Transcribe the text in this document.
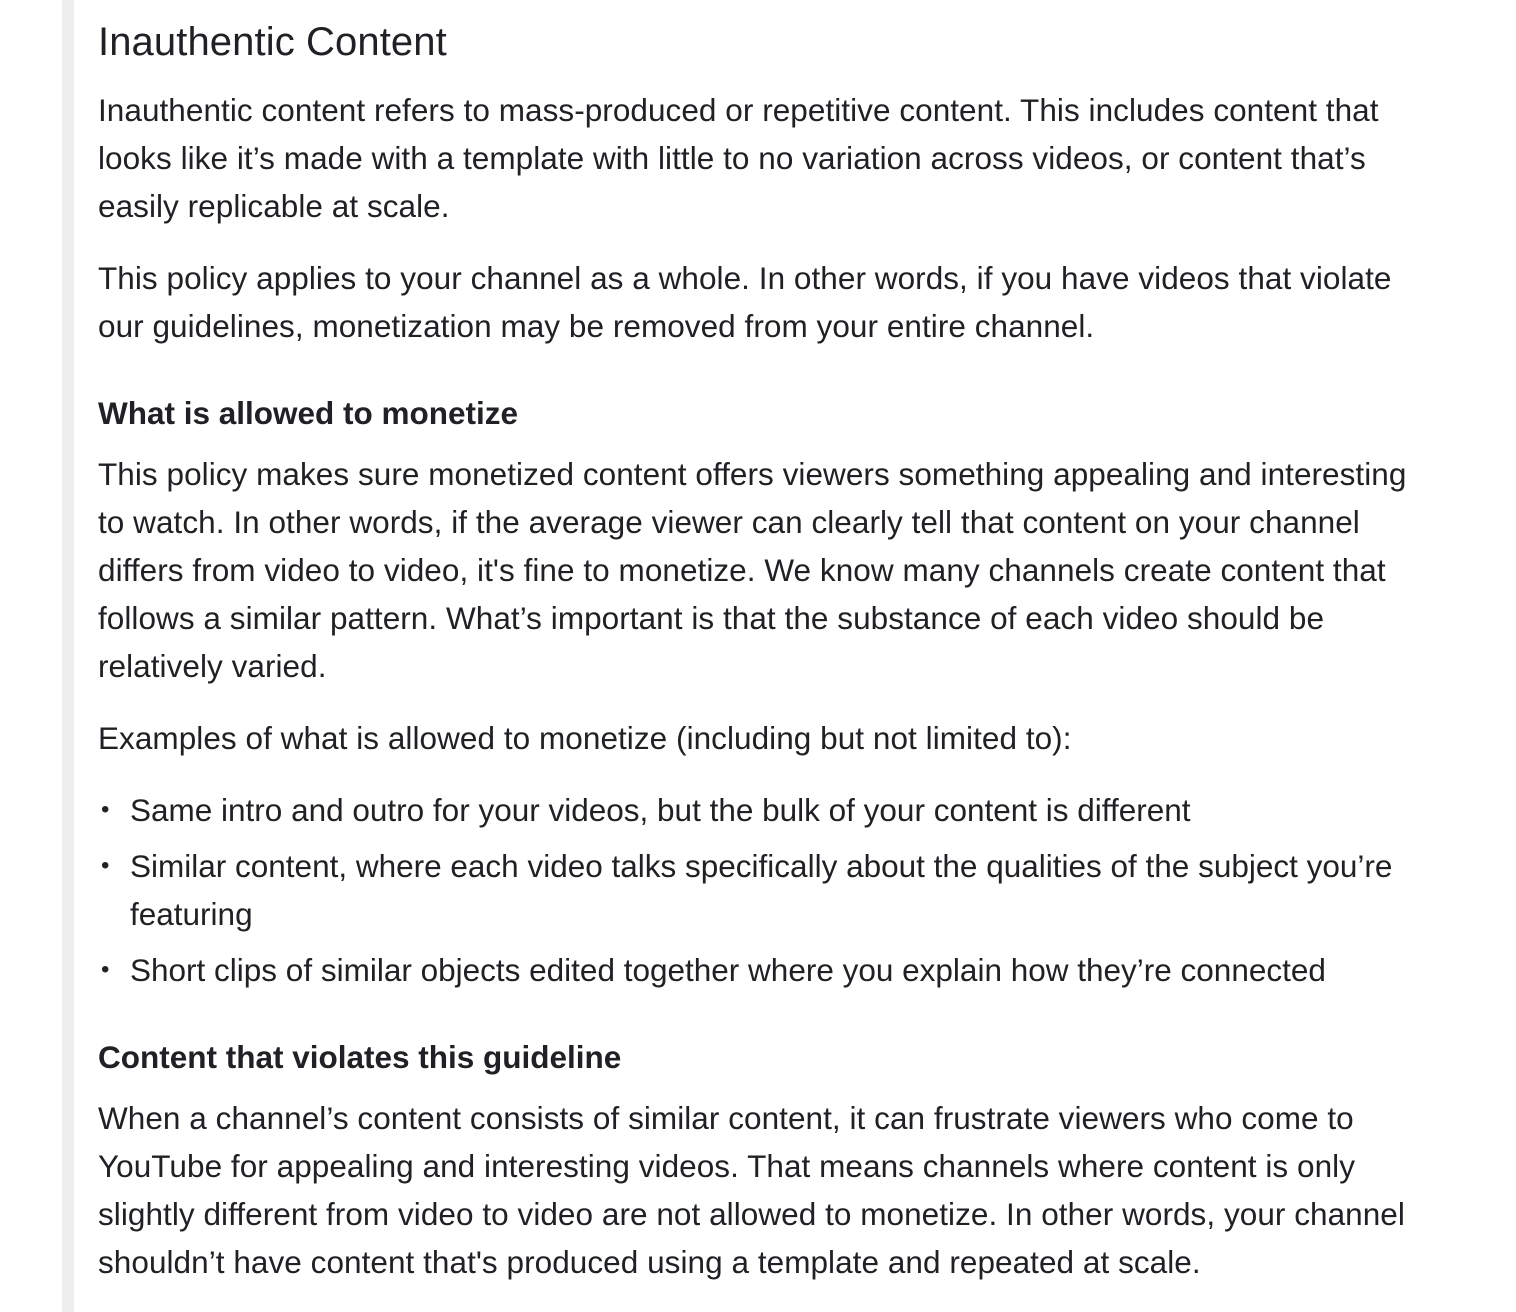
Inauthentic Content

Inauthentic content refers to mass-produced or repetitive content. This includes content that looks like it’s made with a template with little to no variation across videos, or content that’s easily replicable at scale.

This policy applies to your channel as a whole. In other words, if you have videos that violate our guidelines, monetization may be removed from your entire channel.

What is allowed to monetize

This policy makes sure monetized content offers viewers something appealing and interesting to watch. In other words, if the average viewer can clearly tell that content on your channel differs from video to video, it's fine to monetize. We know many channels create content that follows a similar pattern. What’s important is that the substance of each video should be relatively varied.

Examples of what is allowed to monetize (including but not limited to):

• Same intro and outro for your videos, but the bulk of your content is different
• Similar content, where each video talks specifically about the qualities of the subject you’re featuring
• Short clips of similar objects edited together where you explain how they’re connected
Content that violates this guideline

When a channel’s content consists of similar content, it can frustrate viewers who come to YouTube for appealing and interesting videos. That means channels where content is only slightly different from video to video are not allowed to monetize. In other words, your channel shouldn’t have content that's produced using a template and repeated at scale.
